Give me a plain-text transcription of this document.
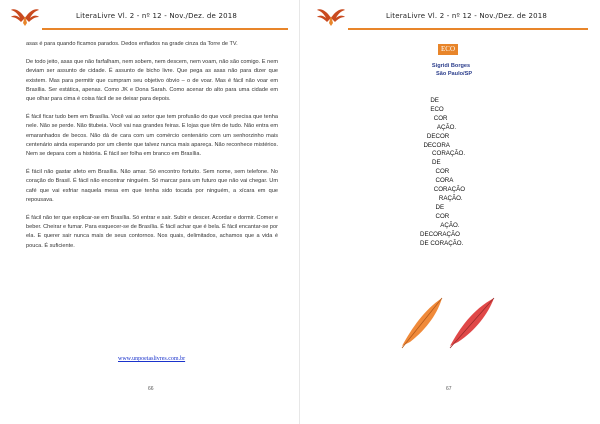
LiteraLivre Vl. 2 - nº 12 - Nov./Dez. de 2018

asas é para quando ficamos parados. Dedos enfiados na grade cinza da Torre de TV.

De todo jeito, asas que não farfalham, nem sobem, nem descem, nem voam, não são comigo. E nem deviam ser assunto de cidade. É assunto de bicho livre. Que pega as asas não para dizer que existem. Mas para permitir que cumpram seu objetivo óbvio – o de voar. Mas é fácil não voar em Brasília. Ser estática, apenas. Como JK e Dona Sarah. Como acenar do alto para uma cidade em que olhar para cima é coisa fácil de se deixar para depois.

É fácil ficar tudo bem em Brasília. Você vai ao setor que tem profusão do que você precisa que tenha nele. Não se perde. Não titubeia. Você vai nas grandes feiras. E lojas que têm de tudo. Não entra em emaranhados de becos. Não dá de cara com um comércio centenário com um senhorzinho mais centenário ainda esperando por um cliente que talvez nunca mais apareça. Não reconhece mistérios. Nem se depara com a história. É fácil ser folha em branco em Brasília.

É fácil não gastar afeto em Brasília. Não amar. Só encontro fortuito. Sem nome, sem telefone. No coração do Brasil. É fácil não encontrar ninguém. Só marcar para um futuro que não vai chegar. Um café que vai esfriar naquela mesa em que tenha sido tocada por ninguém, a xícara em que repousava.

É fácil não ter que explicar-se em Brasília. Só entrar e sair. Subir e descer. Acordar e dormir. Comer e beber. Cheirar e fumar. Para esquecer-se de Brasília. É fácil achar que é bela. É fácil encantar-se por ela. E querer sair nunca mais de seus contornos. Nos quais, delimitados, achamos que a vida é pouca. É suficiente.

www.unpoetaslivres.com.br
66
LiteraLivre Vl. 2 - nº 12 - Nov./Dez. de 2018
ECO
Sigridi Borges
São Paulo/SP
DE
ECO
COR
AÇÃO.
DECOR
DECORA
CORAÇÃO.
DE
COR
CORA
CORAÇÃO
RAÇÃO.
DE
COR
AÇÃO.
DECORAÇÃO
DE CORAÇÃO.
67
